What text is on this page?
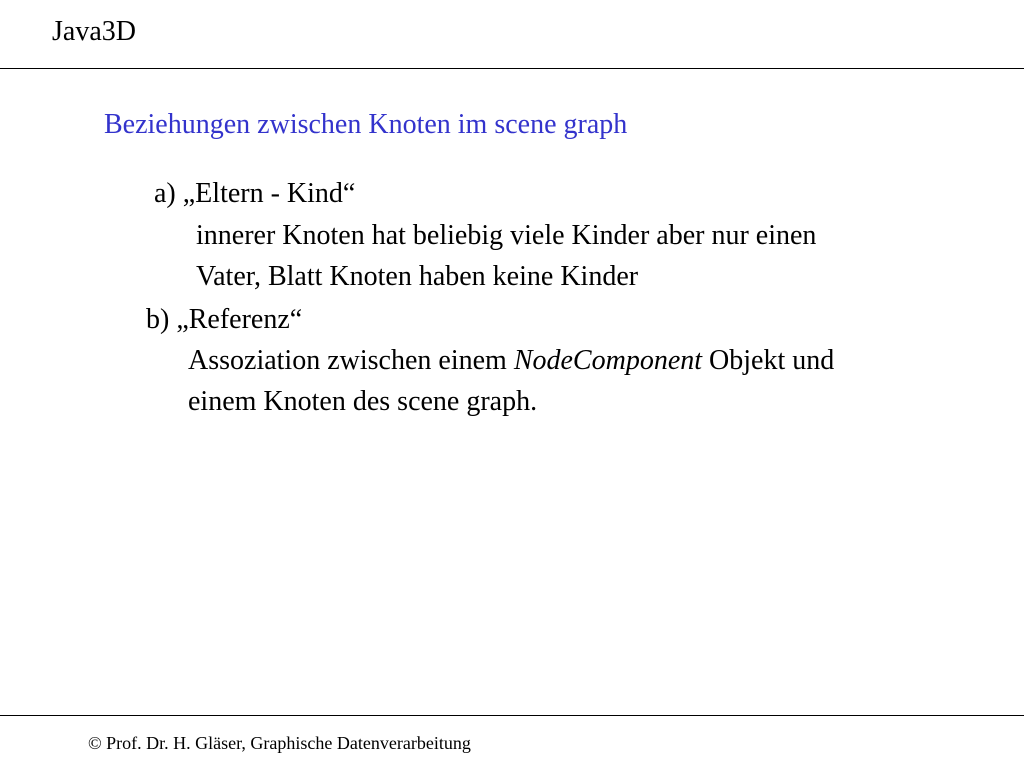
Java3D
Beziehungen zwischen Knoten im scene graph
a) „Eltern - Kind“
innerer Knoten hat beliebig viele Kinder aber nur einen
Vater, Blatt Knoten haben keine Kinder
b) „Referenz“
Assoziation zwischen einem NodeComponent Objekt und
einem Knoten des scene graph.
© Prof. Dr. H. Gläser, Graphische Datenverarbeitung
